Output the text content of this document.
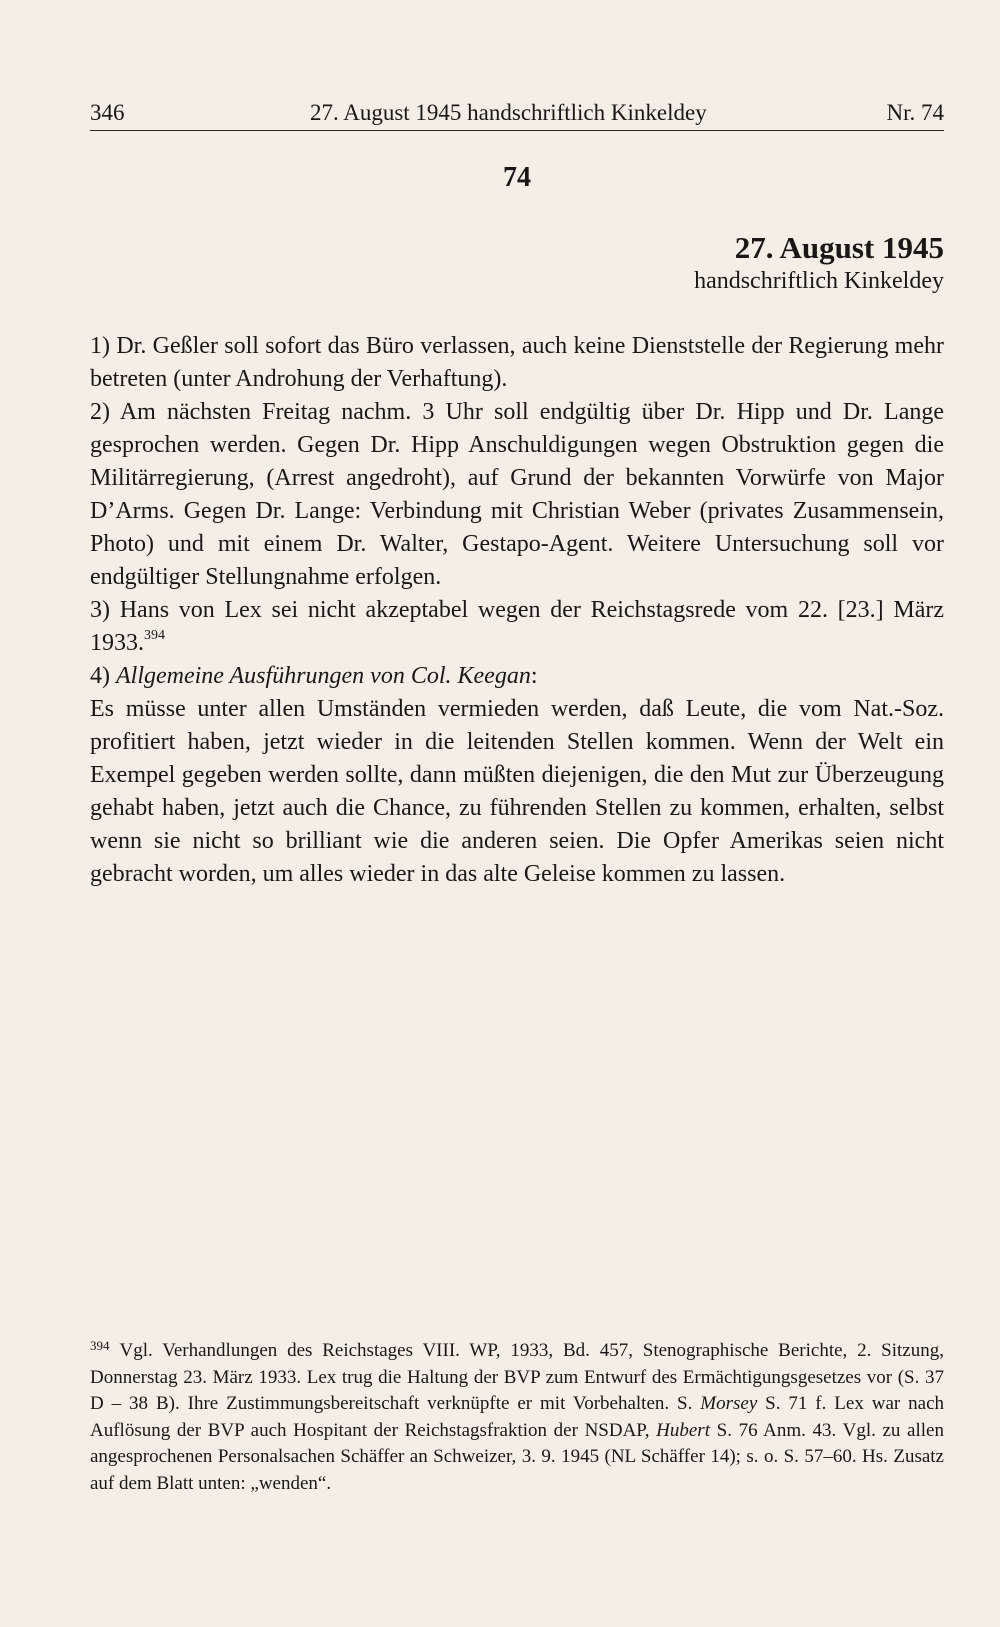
346	27. August 1945 handschriftlich Kinkeldey	Nr. 74
74
27. August 1945
handschriftlich Kinkeldey

1) Dr. Geßler soll sofort das Büro verlassen, auch keine Dienststelle der Regierung mehr betreten (unter Androhung der Verhaftung).

2) Am nächsten Freitag nachm. 3 Uhr soll endgültig über Dr. Hipp und Dr. Lange gesprochen werden. Gegen Dr. Hipp Anschuldigungen wegen Obstruktion gegen die Militärregierung, (Arrest angedroht), auf Grund der bekannten Vorwürfe von Major D’Arms. Gegen Dr. Lange: Verbindung mit Christian Weber (privates Zusammensein, Photo) und mit einem Dr. Walter, Gestapo-Agent. Weitere Untersuchung soll vor endgültiger Stellungnahme erfolgen.

3) Hans von Lex sei nicht akzeptabel wegen der Reichstagsrede vom 22. [23.] März 1933.$^{394}$

4) Allgemeine Ausführungen von Col. Keegan:

Es müsse unter allen Umständen vermieden werden, daß Leute, die vom Nat.-Soz. profitiert haben, jetzt wieder in die leitenden Stellen kommen. Wenn der Welt ein Exempel gegeben werden sollte, dann müßten diejenigen, die den Mut zur Überzeugung gehabt haben, jetzt auch die Chance, zu führenden Stellen zu kommen, erhalten, selbst wenn sie nicht so brilliant wie die anderen seien. Die Opfer Amerikas seien nicht gebracht worden, um alles wieder in das alte Geleise kommen zu lassen.

$^{394}$ Vgl. Verhandlungen des Reichstages VIII. WP, 1933, Bd. 457, Stenographische Berichte, 2. Sitzung, Donnerstag 23. März 1933. Lex trug die Haltung der BVP zum Entwurf des Ermächtigungsgesetzes vor (S. 37 D – 38 B). Ihre Zustimmungsbereitschaft verknüpfte er mit Vorbehalten. S. Morsey S. 71 f. Lex war nach Auflösung der BVP auch Hospitant der Reichstagsfraktion der NSDAP, Hubert S. 76 Anm. 43. Vgl. zu allen angesprochenen Personalsachen Schäffer an Schweizer, 3. 9. 1945 (NL Schäffer 14); s. o. S. 57–60. Hs. Zusatz auf dem Blatt unten: „wenden“.
